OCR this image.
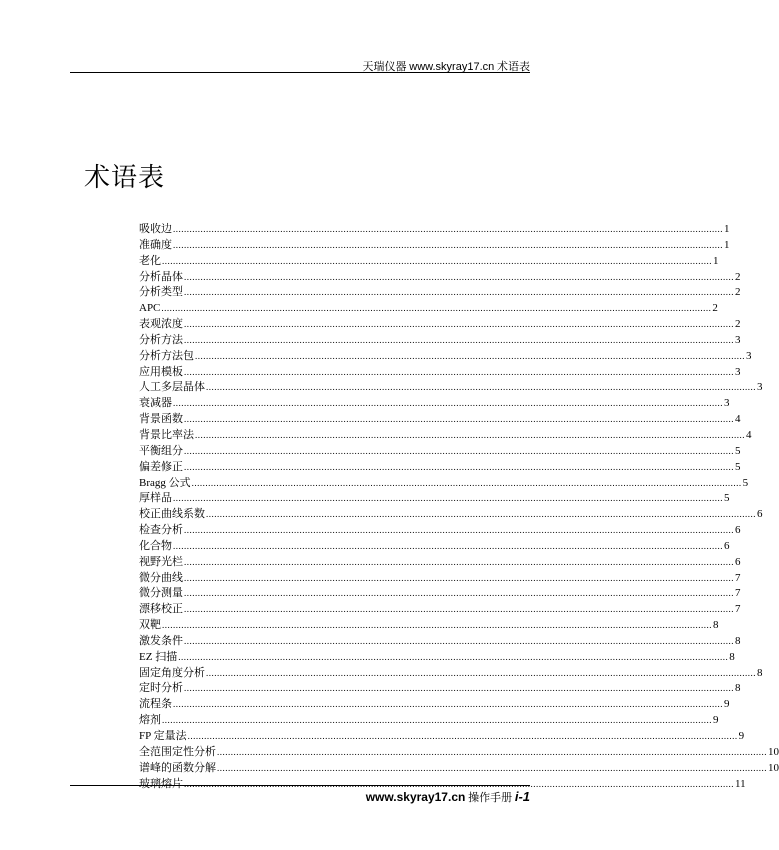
天瑞仪器 www.skyray17.cn 术语表
术语表
吸收边 ........................................................................................................................................................................................................ 1
准确度 ........................................................................................................................................................................................................ 1
老化 ........................................................................................................................................................................................................ 1
分析晶体 ........................................................................................................................................................................................................ 2
分析类型 ........................................................................................................................................................................................................ 2
APC ........................................................................................................................................................................................................ 2
表观浓度 ........................................................................................................................................................................................................ 2
分析方法 ........................................................................................................................................................................................................ 3
分析方法包 ........................................................................................................................................................................................................ 3
应用模板 ........................................................................................................................................................................................................ 3
人工多层晶体 ........................................................................................................................................................................................................ 3
衰减器 ........................................................................................................................................................................................................ 3
背景函数 ........................................................................................................................................................................................................ 4
背景比率法 ........................................................................................................................................................................................................ 4
平衡组分 ........................................................................................................................................................................................................ 5
偏差修正 ........................................................................................................................................................................................................ 5
Bragg 公式 ........................................................................................................................................................................................................ 5
厚样品 ........................................................................................................................................................................................................ 5
校正曲线系数 ........................................................................................................................................................................................................ 6
检查分析 ........................................................................................................................................................................................................ 6
化合物 ........................................................................................................................................................................................................ 6
视野光栏 ........................................................................................................................................................................................................ 6
微分曲线 ........................................................................................................................................................................................................ 7
微分测量 ........................................................................................................................................................................................................ 7
漂移校正 ........................................................................................................................................................................................................ 7
双靶 ........................................................................................................................................................................................................ 8
激发条件 ........................................................................................................................................................................................................ 8
EZ 扫描 ........................................................................................................................................................................................................ 8
固定角度分析 ........................................................................................................................................................................................................ 8
定时分析 ........................................................................................................................................................................................................ 8
流程条 ........................................................................................................................................................................................................ 9
熔剂 ........................................................................................................................................................................................................ 9
FP 定量法 ........................................................................................................................................................................................................ 9
全范围定性分析 ........................................................................................................................................................................................................ 10
谱峰的函数分解 ........................................................................................................................................................................................................ 10
玻璃熔片 ........................................................................................................................................................................................................ 11
www.skyray17.cn 操作手册 i-1
